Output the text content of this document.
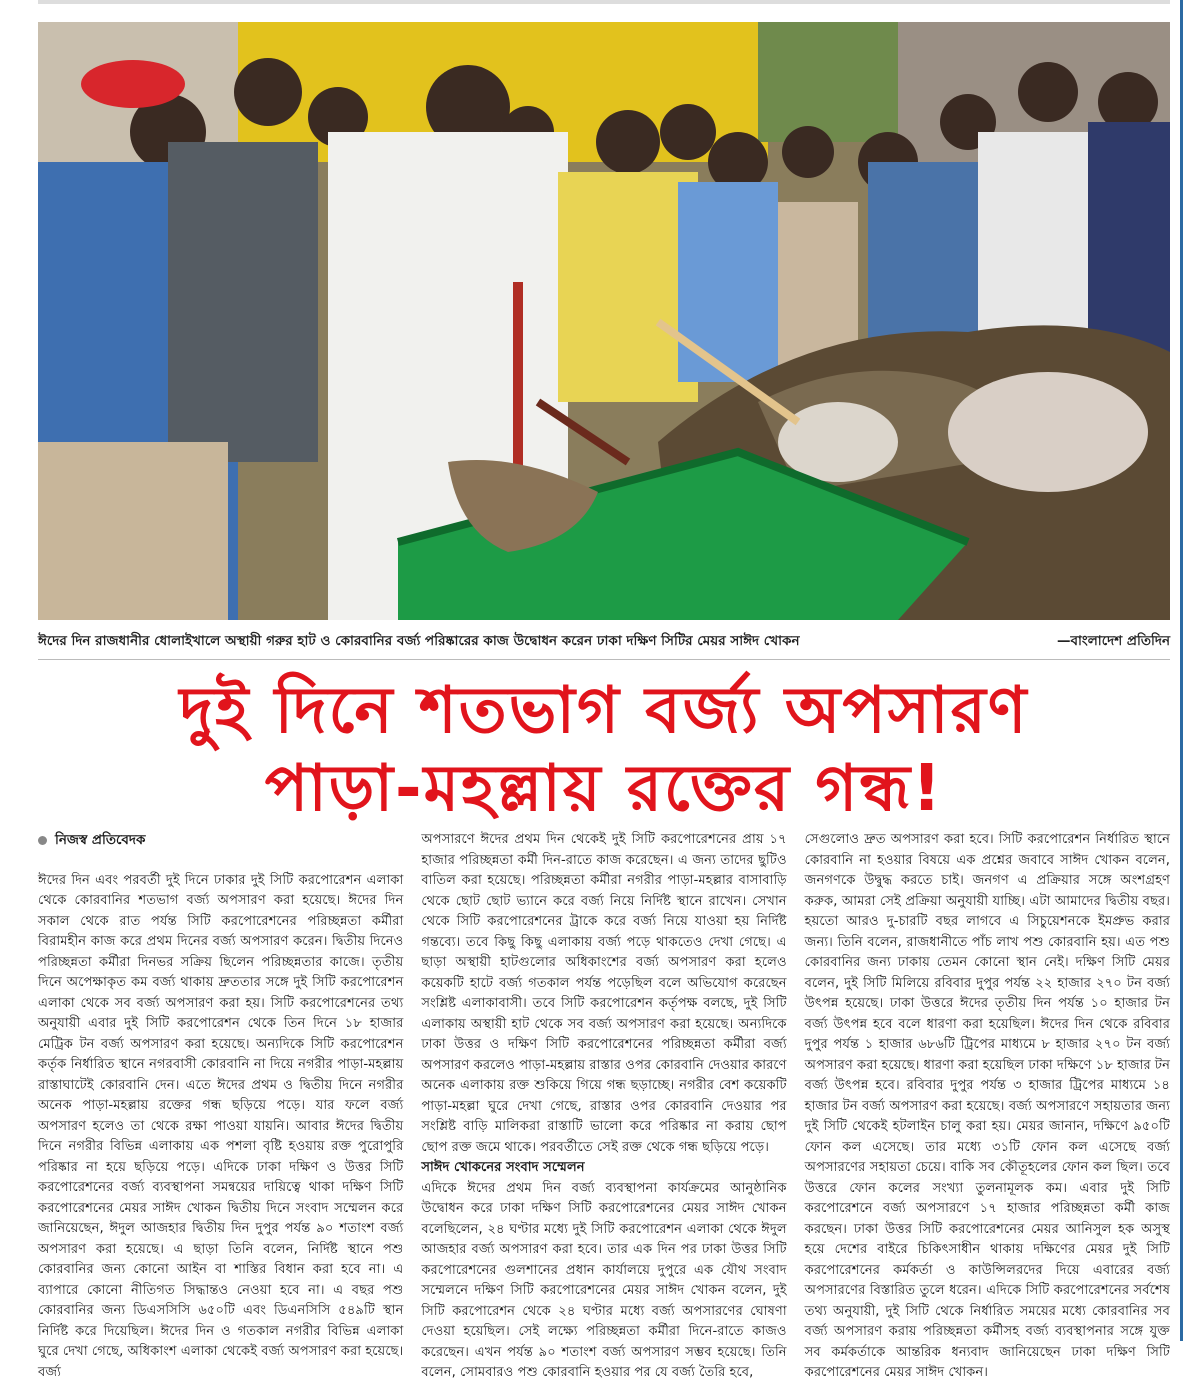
ঈদের দিন রাজধানীর ধোলাইখালে অস্থায়ী গরুর হাট ও কোরবানির বর্জ্য পরিষ্কারের কাজ উদ্বোধন করেন ঢাকা দক্ষিণ সিটির মেয়র সাঈদ খোকন	—বাংলাদেশ প্রতিদিন
দুই দিনে শতভাগ বর্জ্য অপসারণ
পাড়া-মহল্লায় রক্তের গন্ধ!
নিজস্ব প্রতিবেদক

ঈদের দিন এবং পরবর্তী দুই দিনে ঢাকার দুই সিটি করপোরেশন এলাকা থেকে কোরবানির শতভাগ বর্জ্য অপসারণ করা হয়েছে। ঈদের দিন সকাল থেকে রাত পর্যন্ত সিটি করপোরেশনের পরিচ্ছন্নতা কর্মীরা বিরামহীন কাজ করে প্রথম দিনের বর্জ্য অপসারণ করেন। দ্বিতীয় দিনেও পরিচ্ছন্নতা কর্মীরা দিনভর সক্রিয় ছিলেন পরিচ্ছন্নতার কাজে। তৃতীয় দিনে অপেক্ষাকৃত কম বর্জ্য থাকায় দ্রুততার সঙ্গে দুই সিটি করপোরেশন এলাকা থেকে সব বর্জ্য অপসারণ করা হয়। সিটি করপোরেশনের তথ্য অনুযায়ী এবার দুই সিটি করপোরেশন থেকে তিন দিনে ১৮ হাজার মেট্রিক টন বর্জ্য অপসারণ করা হয়েছে। অন্যদিকে সিটি করপোরেশন কর্তৃক নির্ধারিত স্থানে নগরবাসী কোরবানি না দিয়ে নগরীর পাড়া-মহল্লায় রাস্তাঘাটেই কোরবানি দেন। এতে ঈদের প্রথম ও দ্বিতীয় দিনে নগরীর অনেক পাড়া-মহল্লায় রক্তের গন্ধ ছড়িয়ে পড়ে। যার ফলে বর্জ্য অপসারণ হলেও তা থেকে রক্ষা পাওয়া যায়নি। আবার ঈদের দ্বিতীয় দিনে নগরীর বিভিন্ন এলাকায় এক পশলা বৃষ্টি হওয়ায় রক্ত পুরোপুরি পরিষ্কার না হয়ে ছড়িয়ে পড়ে। এদিকে ঢাকা দক্ষিণ ও উত্তর সিটি করপোরেশনের বর্জ্য ব্যবস্থাপনা সমন্বয়ের দায়িত্বে থাকা দক্ষিণ সিটি করপোরেশনের মেয়র সাঈদ খোকন দ্বিতীয় দিনে সংবাদ সম্মেলন করে জানিয়েছেন, ঈদুল আজহার দ্বিতীয় দিন দুপুর পর্যন্ত ৯০ শতাংশ বর্জ্য অপসারণ করা হয়েছে। এ ছাড়া তিনি বলেন, নির্দিষ্ট স্থানে পশু কোরবানির জন্য কোনো আইন বা শাস্তির বিধান করা হবে না। এ ব্যাপারে কোনো নীতিগত সিদ্ধান্তও নেওয়া হবে না। এ বছর পশু কোরবানির জন্য ডিএসসিসি ৬৫০টি এবং ডিএনসিসি ৫৪৯টি স্থান নির্দিষ্ট করে দিয়েছিল। ঈদের দিন ও গতকাল নগরীর বিভিন্ন এলাকা ঘুরে দেখা গেছে, অধিকাংশ এলাকা থেকেই বর্জ্য অপসারণ করা হয়েছে। বর্জ্য

অপসারণে ঈদের প্রথম দিন থেকেই দুই সিটি করপোরেশনের প্রায় ১৭ হাজার পরিচ্ছন্নতা কর্মী দিন-রাতে কাজ করেছেন। এ জন্য তাদের ছুটিও বাতিল করা হয়েছে। পরিচ্ছন্নতা কর্মীরা নগরীর পাড়া-মহল্লার বাসাবাড়ি থেকে ছোট ছোট ভ্যানে করে বর্জ্য নিয়ে নির্দিষ্ট স্থানে রাখেন। সেখান থেকে সিটি করপোরেশনের ট্রাকে করে বর্জ্য নিয়ে যাওয়া হয় নির্দিষ্ট গন্তব্যে। তবে কিছু কিছু এলাকায় বর্জ্য পড়ে থাকতেও দেখা গেছে। এ ছাড়া অস্থায়ী হাটগুলোর অধিকাংশের বর্জ্য অপসারণ করা হলেও কয়েকটি হাটে বর্জ্য গতকাল পর্যন্ত পড়েছিল বলে অভিযোগ করেছেন সংশ্লিষ্ট এলাকাবাসী। তবে সিটি করপোরেশন কর্তৃপক্ষ বলছে, দুই সিটি এলাকায় অস্থায়ী হাট থেকে সব বর্জ্য অপসারণ করা হয়েছে। অন্যদিকে ঢাকা উত্তর ও দক্ষিণ সিটি করপোরেশনের পরিচ্ছন্নতা কর্মীরা বর্জ্য অপসারণ করলেও পাড়া-মহল্লায় রাস্তার ওপর কোরবানি দেওয়ার কারণে অনেক এলাকায় রক্ত শুকিয়ে গিয়ে গন্ধ ছড়াচ্ছে। নগরীর বেশ কয়েকটি পাড়া-মহল্লা ঘুরে দেখা গেছে, রাস্তার ওপর কোরবানি দেওয়ার পর সংশ্লিষ্ট বাড়ি মালিকরা রাস্তাটি ভালো করে পরিষ্কার না করায় ছোপ ছোপ রক্ত জমে থাকে। পরবর্তীতে সেই রক্ত থেকে গন্ধ ছড়িয়ে পড়ে।

সাঈদ খোকনের সংবাদ সম্মেলন

এদিকে ঈদের প্রথম দিন বর্জ্য ব্যবস্থাপনা কার্যক্রমের আনুষ্ঠানিক উদ্বোধন করে ঢাকা দক্ষিণ সিটি করপোরেশনের মেয়র সাঈদ খোকন বলেছিলেন, ২৪ ঘণ্টার মধ্যে দুই সিটি করপোরেশন এলাকা থেকে ঈদুল আজহার বর্জ্য অপসারণ করা হবে। তার এক দিন পর ঢাকা উত্তর সিটি করপোরেশনের গুলশানের প্রধান কার্যালয়ে দুপুরে এক যৌথ সংবাদ সম্মেলনে দক্ষিণ সিটি করপোরেশনের মেয়র সাঈদ খোকন বলেন, দুই সিটি করপোরেশন থেকে ২৪ ঘণ্টার মধ্যে বর্জ্য অপসারণের ঘোষণা দেওয়া হয়েছিল। সেই লক্ষ্যে পরিচ্ছন্নতা কর্মীরা দিনে-রাতে কাজও করেছেন। এখন পর্যন্ত ৯০ শতাংশ বর্জ্য অপসারণ সম্ভব হয়েছে। তিনি বলেন, সোমবারও পশু কোরবানি হওয়ার পর যে বর্জ্য তৈরি হবে,

সেগুলোও দ্রুত অপসারণ করা হবে। সিটি করপোরেশন নির্ধারিত স্থানে কোরবানি না হওয়ার বিষয়ে এক প্রশ্নের জবাবে সাঈদ খোকন বলেন, জনগণকে উদ্বুদ্ধ করতে চাই। জনগণ এ প্রক্রিয়ার সঙ্গে অংশগ্রহণ করুক, আমরা সেই প্রক্রিয়া অনুযায়ী যাচ্ছি। এটা আমাদের দ্বিতীয় বছর। হয়তো আরও দু-চারটি বছর লাগবে এ সিচুয়েশনকে ইমপ্রুভ করার জন্য। তিনি বলেন, রাজধানীতে পাঁচ লাখ পশু কোরবানি হয়। এত পশু কোরবানির জন্য ঢাকায় তেমন কোনো স্থান নেই। দক্ষিণ সিটি মেয়র বলেন, দুই সিটি মিলিয়ে রবিবার দুপুর পর্যন্ত ২২ হাজার ২৭০ টন বর্জ্য উৎপন্ন হয়েছে। ঢাকা উত্তরে ঈদের তৃতীয় দিন পর্যন্ত ১০ হাজার টন বর্জ্য উৎপন্ন হবে বলে ধারণা করা হয়েছিল। ঈদের দিন থেকে রবিবার দুপুর পর্যন্ত ১ হাজার ৬৮৬টি ট্রিপের মাধ্যমে ৮ হাজার ২৭০ টন বর্জ্য অপসারণ করা হয়েছে। ধারণা করা হয়েছিল ঢাকা দক্ষিণে ১৮ হাজার টন বর্জ্য উৎপন্ন হবে। রবিবার দুপুর পর্যন্ত ৩ হাজার ট্রিপের মাধ্যমে ১৪ হাজার টন বর্জ্য অপসারণ করা হয়েছে। বর্জ্য অপসারণে সহায়তার জন্য দুই সিটি থেকেই হটলাইন চালু করা হয়। মেয়র জানান, দক্ষিণে ৯৫০টি ফোন কল এসেছে। তার মধ্যে ৩১টি ফোন কল এসেছে বর্জ্য অপসারণের সহায়তা চেয়ে। বাকি সব কৌতূহলের ফোন কল ছিল। তবে উত্তরে ফোন কলের সংখ্যা তুলনামূলক কম। এবার দুই সিটি করপোরেশনে বর্জ্য অপসারণে ১৭ হাজার পরিচ্ছন্নতা কর্মী কাজ করছেন। ঢাকা উত্তর সিটি করপোরেশনের মেয়র আনিসুল হক অসুস্থ হয়ে দেশের বাইরে চিকিৎসাধীন থাকায় দক্ষিণের মেয়র দুই সিটি করপোরেশনের কর্মকর্তা ও কাউন্সিলরদের দিয়ে এবারের বর্জ্য অপসারণের বিস্তারিত তুলে ধরেন। এদিকে সিটি করপোরেশনের সর্বশেষ তথ্য অনুযায়ী, দুই সিটি থেকে নির্ধারিত সময়ের মধ্যে কোরবানির সব বর্জ্য অপসারণ করায় পরিচ্ছন্নতা কর্মীসহ বর্জ্য ব্যবস্থাপনার সঙ্গে যুক্ত সব কর্মকর্তাকে আন্তরিক ধন্যবাদ জানিয়েছেন ঢাকা দক্ষিণ সিটি করপোরেশনের মেয়র সাঈদ খোকন।
